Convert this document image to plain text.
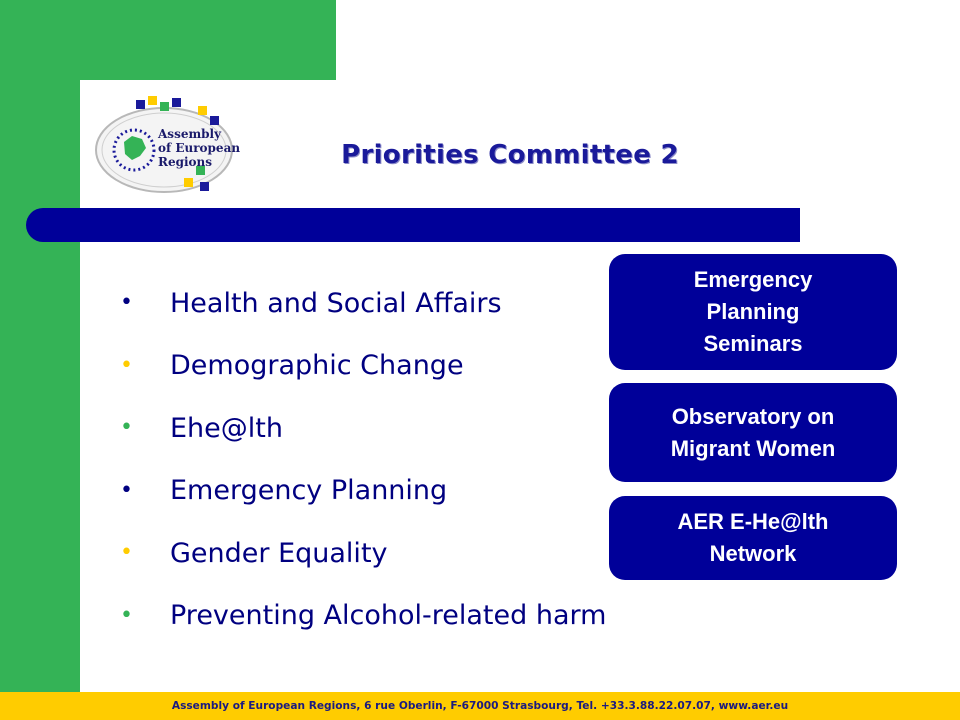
Assembly
of European
Regions	Priorities Committee 2
•	Health and Social Affairs
•	Demographic Change
•	Ehe@lth
•	Emergency Planning
•	Gender Equality
•	Preventing Alcohol-related harm
Emergency
Planning
Seminars
Observatory on
Migrant Women
AER E-He@lth
Network
Assembly of European Regions, 6 rue Oberlin, F-67000 Strasbourg, Tel. +33.3.88.22.07.07, www.aer.eu
